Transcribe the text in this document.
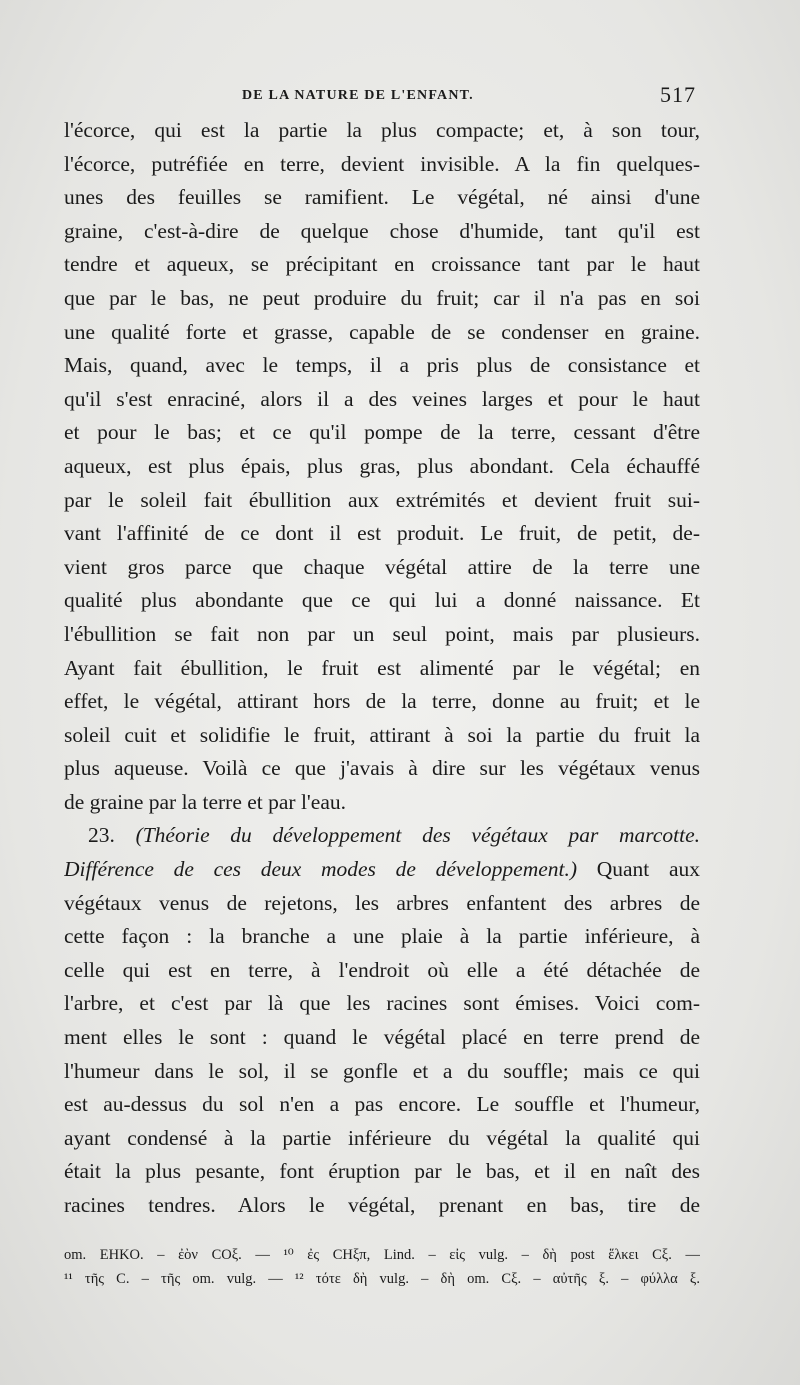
DE LA NATURE DE L'ENFANT.	517
l'écorce, qui est la partie la plus compacte; et, à son tour,
l'écorce, putréfiée en terre, devient invisible. A la fin quelques-
unes des feuilles se ramifient. Le végétal, né ainsi d'une
graine, c'est-à-dire de quelque chose d'humide, tant qu'il est
tendre et aqueux, se précipitant en croissance tant par le haut
que par le bas, ne peut produire du fruit; car il n'a pas en soi
une qualité forte et grasse, capable de se condenser en graine.
Mais, quand, avec le temps, il a pris plus de consistance et
qu'il s'est enraciné, alors il a des veines larges et pour le haut
et pour le bas; et ce qu'il pompe de la terre, cessant d'être
aqueux, est plus épais, plus gras, plus abondant. Cela échauffé
par le soleil fait ébullition aux extrémités et devient fruit sui-
vant l'affinité de ce dont il est produit. Le fruit, de petit, de-
vient gros parce que chaque végétal attire de la terre une
qualité plus abondante que ce qui lui a donné naissance. Et
l'ébullition se fait non par un seul point, mais par plusieurs.
Ayant fait ébullition, le fruit est alimenté par le végétal; en
effet, le végétal, attirant hors de la terre, donne au fruit; et le
soleil cuit et solidifie le fruit, attirant à soi la partie du fruit la
plus aqueuse. Voilà ce que j'avais à dire sur les végétaux venus
de graine par la terre et par l'eau.
23. (Théorie du développement des végétaux par marcotte.
Différence de ces deux modes de développement.) Quant aux
végétaux venus de rejetons, les arbres enfantent des arbres de
cette façon : la branche a une plaie à la partie inférieure, à
celle qui est en terre, à l'endroit où elle a été détachée de
l'arbre, et c'est par là que les racines sont émises. Voici com-
ment elles le sont : quand le végétal placé en terre prend de
l'humeur dans le sol, il se gonfle et a du souffle; mais ce qui
est au-dessus du sol n'en a pas encore. Le souffle et l'humeur,
ayant condensé à la partie inférieure du végétal la qualité qui
était la plus pesante, font éruption par le bas, et il en naît des
racines tendres. Alors le végétal, prenant en bas, tire de
om. EHKO. – ἐὸν COξ. — ¹⁰ ἐς CHξπ, Lind. – εἰς vulg. – δὴ post ἕλκει Cξ. —
¹¹ τῆς C. – τῆς om. vulg. — ¹² τότε δὴ vulg. – δὴ om. Cξ. – αὐτῆς ξ. – φύλλα ξ.
